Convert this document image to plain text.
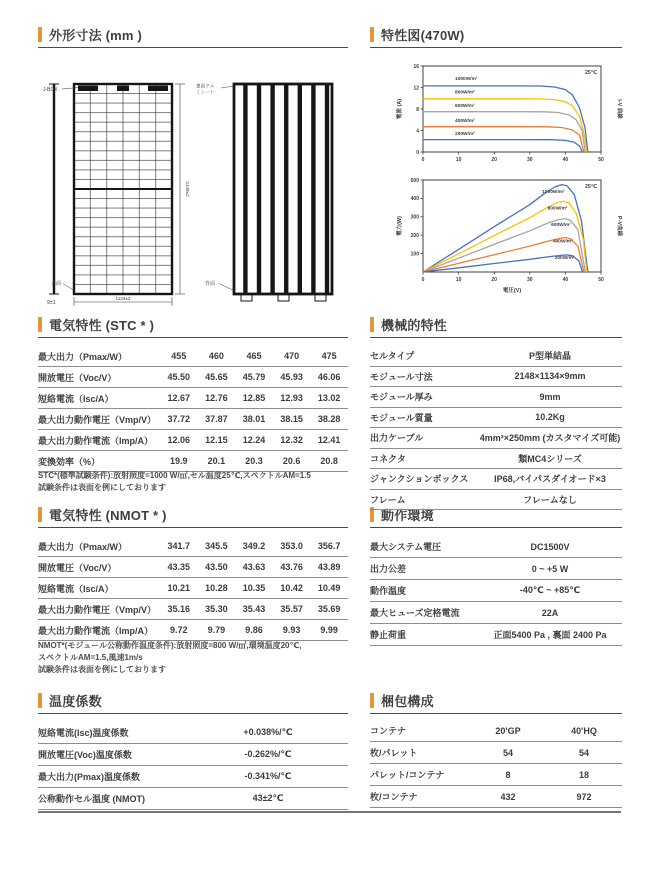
外形寸法 (mm )	特性図(470W)
電気特性 (STC * )	機械的特性
電気特性 (NMOT * )	動作環境
温度係数	梱包構成
9±1
J-BOX
表面
1134±2
2148±2
裏面アル
ミシート
背面
0	10	20	30	40	50
0
4
8
12
16
1000W/m²
800W/m²
600W/m²
400W/m²
200W/m²
25℃
電流 (A)	I-V 曲線
0	10	20	30	40	50
100
200
300
400
500
1000W/m²
800W/m²
600W/m²
400W/m²
200W/m²
25℃
電力(W)	P-V曲線
電圧(V)
最大出力（Pmax/W）	455	460	465	470	475
開放電圧（Voc/V）	45.50	45.65	45.79	45.93	46.06
短絡電流（Isc/A）	12.67	12.76	12.85	12.93	13.02
最大出力動作電圧（Vmp/V）	37.72	37.87	38.01	38.15	38.28
最大出力動作電流（Imp/A）	12.06	12.15	12.24	12.32	12.41
変換効率（%）	19.9	20.1	20.3	20.6	20.8
STC*(標準試験条件):放射照度=1000 W/㎡,セル温度25℃,スペクトルAM=1.5
試験条件は表面を例にしております
セルタイプ	P型単結晶
モジュール寸法	2148×1134×9mm
モジュール厚み	9mm
モジュール質量	10.2Kg
出力ケーブル	4mm²×250mm (カスタマイズ可能)
コネクタ	類MC4シリーズ
ジャンクションボックス	IP68,バイパスダイオード×3
フレーム	フレームなし
最大出力（Pmax/W）	341.7	345.5	349.2	353.0	356.7
開放電圧（Voc/V）	43.35	43.50	43.63	43.76	43.89
短絡電流（Isc/A）	10.21	10.28	10.35	10.42	10.49
最大出力動作電圧（Vmp/V）	35.16	35.30	35.43	35.57	35.69
最大出力動作電流（Imp/A）	9.72	9.79	9.86	9.93	9.99
NMOT*(モジュール公称動作温度条件):放射照度=800 W/㎡,環境温度20℃,
スペクトルAM=1.5,風速1m/s
試験条件は表面を例にしております
最大システム電圧	DC1500V
出力公差	0 ~ +5 W
動作温度	-40℃ ~ +85℃
最大ヒューズ定格電流	22A
静止荷重	正面5400 Pa , 裏面 2400 Pa
短絡電流(Isc)温度係数	+0.038%/℃
開放電圧(Voc)温度係数	-0.262%/℃
最大出力(Pmax)温度係数	-0.341%/℃
公称動作セル温度 (NMOT)	43±2℃
コンテナ	20'GP	40'HQ
枚/パレット	54	54
パレット/コンテナ	8	18
枚/コンテナ	432	972
